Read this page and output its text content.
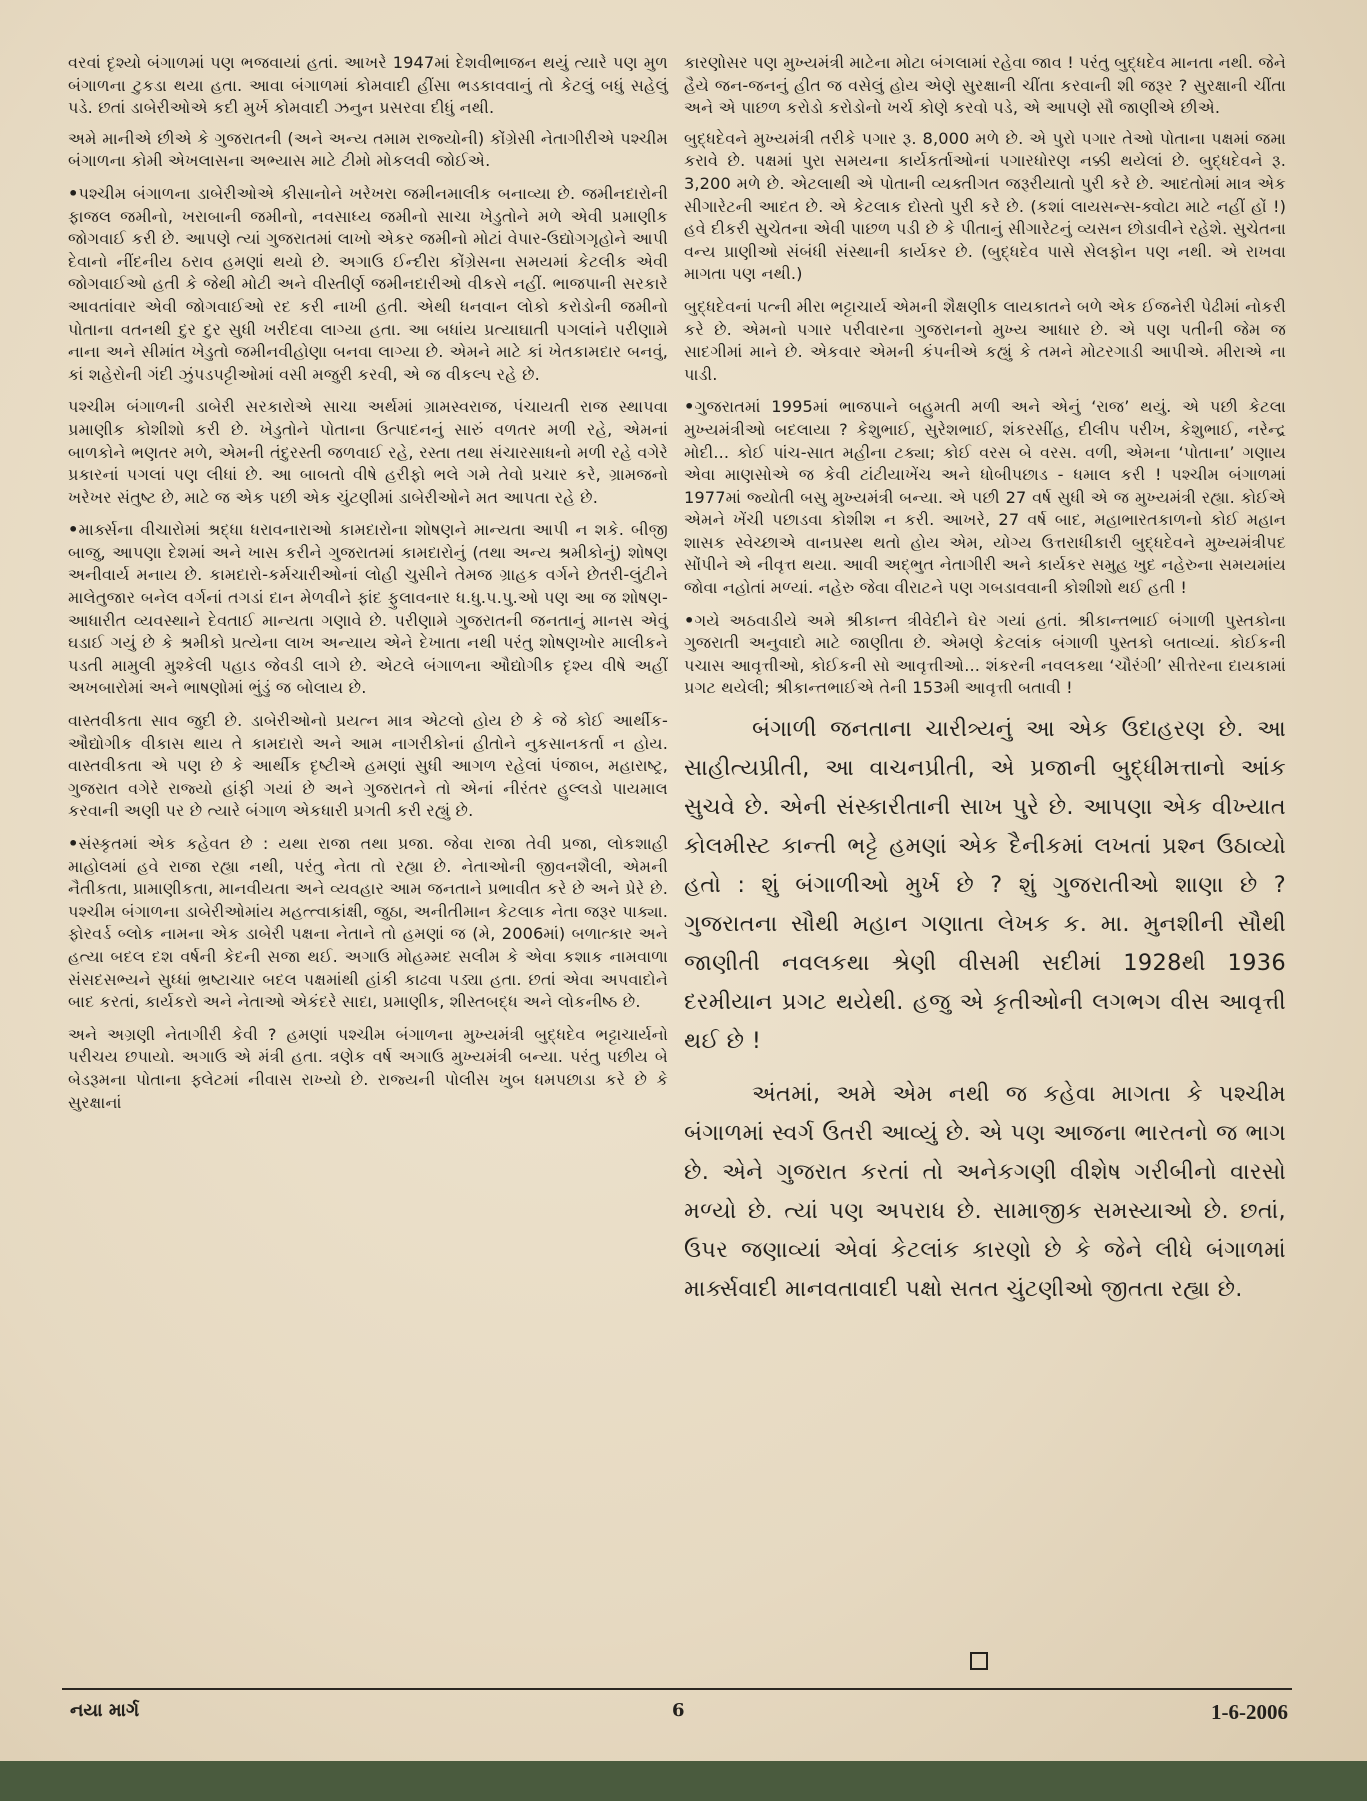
વરવાં દૃશ્યો બંગાળમાં પણ ભજવાયાં હતાં. આખરે 1947માં દેશવીભાજન થયું ત્યારે પણ મુળ બંગાળના ટુકડા થયા હતા. આવા બંગાળમાં કોમવાદી હીંસા ભડકાવવાનું તો કેટલું બધું સહેલું પડે. છતાં ડાબેરીઓએ કદી મુર્ખ કોમવાદી ઝનુન પ્રસરવા દીધું નથી.

અમે માનીએ છીએ કે ગુજરાતની (અને અન્ય તમામ રાજ્યોની) કોંગ્રેસી નેતાગીરીએ પશ્ચીમ બંગાળના કોમી એખલાસના અભ્યાસ માટે ટીમો મોકલવી જોઈએ.

• પશ્ચીમ બંગાળના ડાબેરીઓએ કીસાનોને ખરેખરા જમીનમાલીક બનાવ્યા છે. જમીનદારોની ફાજલ જમીનો, ખરાબાની જમીનો, નવસાધ્ય જમીનો સાચા ખેડુતોને મળે એવી પ્રમાણીક જોગવાઈ કરી છે. આપણે ત્યાં ગુજરાતમાં લાખો એકર જમીનો મોટાં વેપાર-ઉદ્યોગગૃહોને આપી દેવાનો નીંદનીય ઠરાવ હમણાં થયો છે. અગાઉ ઈન્દીરા કોંગ્રેસના સમયમાં કેટલીક એવી જોગવાઈઓ હતી કે જેથી મોટી અને વીસ્તીર્ણ જમીનદારીઓ વીકસે નહીં. ભાજપાની સરકારે આવતાંવાર એવી જોગવાઈઓ રદ કરી નાખી હતી. એથી ધનવાન લોકો કરોડોની જમીનો પોતાના વતનથી દુર દુર સુધી ખરીદવા લાગ્યા હતા. આ બધાંય પ્રત્યાઘાતી પગલાંને પરીણામે નાના અને સીમાંત ખેડુતો જમીનવીહોણા બનવા લાગ્યા છે. એમને માટે કાં ખેતકામદાર બનવું, કાં શહેરોની ગંદી ઝુંપડપટ્ટીઓમાં વસી મજુરી કરવી, એ જ વીકલ્પ રહે છે.

પશ્ચીમ બંગાળની ડાબેરી સરકારોએ સાચા અર્થમાં ગ્રામસ્વરાજ, પંચાયતી રાજ સ્થાપવા પ્રમાણીક કોશીશો કરી છે. ખેડુતોને પોતાના ઉત્પાદનનું સારું વળતર મળી રહે, એમનાં બાળકોને ભણતર મળે, એમની તંદુરસ્તી જળવાઈ રહે, રસ્તા તથા સંચારસાધનો મળી રહે વગેરે પ્રકારનાં પગલાં પણ લીધાં છે. આ બાબતો વીષે હરીફો ભલે ગમે તેવો પ્રચાર કરે, ગ્રામજનો ખરેખર સંતુષ્ટ છે, માટે જ એક પછી એક ચુંટણીમાં ડાબેરીઓને મત આપતા રહે છે.

• માર્ક્સના વીચારોમાં શ્રદ્ધા ધરાવનારાઓ કામદારોના શોષણને માન્યતા આપી ન શકે. બીજી બાજુ, આપણા દેશમાં અને ખાસ કરીને ગુજરાતમાં કામદારોનું (તથા અન્ય શ્રમીકોનું) શોષણ અનીવાર્ય મનાય છે. કામદારો-કર્મચારીઓનાં લોહી ચુસીને તેમજ ગ્રાહક વર્ગને છેતરી-લુંટીને માલેતુજાર બનેલ વર્ગનાં તગડાં દાન મેળવીને ફાંદ ફુલાવનાર ધ.ધુ.પ.પુ.ઓ પણ આ જ શોષણ-આધારીત વ્યવસ્થાને દેવતાઈ માન્યતા ગણાવે છે. પરીણામે ગુજરાતની જનતાનું માનસ એવું ઘડાઈ ગયું છે કે શ્રમીકો પ્રત્યેના લાખ અન્યાય એને દેખાતા નથી પરંતુ શોષણખોર માલીકને પડતી મામુલી મુશ્કેલી પહાડ જેવડી લાગે છે. એટલે બંગાળના ઔદ્યોગીક દૃશ્ય વીષે અહીં અખબારોમાં અને ભાષણોમાં ભુંડું જ બોલાય છે.

વાસ્તવીકતા સાવ જુદી છે. ડાબેરીઓનો પ્રયત્ન માત્ર એટલો હોય છે કે જે કોઈ આર્થીક-ઔદ્યોગીક વીકાસ થાય તે કામદારો અને આમ નાગરીકોનાં હીતોને નુકસાનકર્તા ન હોય. વાસ્તવીકતા એ પણ છે કે આર્થીક દૃષ્ટીએ હમણાં સુધી આગળ રહેલાં પંજાબ, મહારાષ્ટ્ર, ગુજરાત વગેરે રાજ્યો હાંફી ગયાં છે અને ગુજરાતને તો એનાં નીરંતર હુલ્લડો પાયમાલ કરવાની અણી પર છે ત્યારે બંગાળ એકધારી પ્રગતી કરી રહ્યું છે.

• સંસ્કૃતમાં એક કહેવત છે : યથા રાજા તથા પ્રજા. જેવા રાજા તેવી પ્રજા, લોકશાહી માહોલમાં હવે રાજા રહ્યા નથી, પરંતુ નેતા તો રહ્યા છે. નેતાઓની જીવનશૈલી, એમની નૈતીકતા, પ્રામાણીકતા, માનવીયતા અને વ્યવહાર આમ જનતાને પ્રભાવીત કરે છે અને પ્રેરે છે. પશ્ચીમ બંગાળના ડાબેરીઓમાંય મહત્ત્વાકાંક્ષી, જુઠા, અનીતીમાન કેટલાક નેતા જરૂર પાક્યા. ફોરવર્ડ બ્લોક નામના એક ડાબેરી પક્ષના નેતાને તો હમણાં જ (મે, 2006માં) બળાત્કાર અને હત્યા બદલ દશ વર્ષની કેદની સજા થઈ. અગાઉ મોહમ્મદ સલીમ કે એવા કશાક નામવાળા સંસદસભ્યને સુધ્ધાં ભ્રષ્ટાચાર બદલ પક્ષમાંથી હાંકી કાઢવા પડ્યા હતા. છતાં એવા અપવાદોને બાદ કરતાં, કાર્યકરો અને નેતાઓ એકંદરે સાદા, પ્રમાણીક, શીસ્તબદ્ધ અને લોકનીષ્ઠ છે.

અને અગ્રણી નેતાગીરી કેવી ? હમણાં પશ્ચીમ બંગાળના મુખ્યમંત્રી બુદ્ધદેવ ભટ્ટાચાર્યનો પરીચય છપાયો. અગાઉ એ મંત્રી હતા. ત્રણેક વર્ષ અગાઉ મુખ્યમંત્રી બન્યા. પરંતુ પછીય બે બેડરૂમના પોતાના ફ્લેટમાં નીવાસ રાખ્યો છે. રાજ્યની પોલીસ ખુબ ધમપછાડા કરે છે કે સુરક્ષાનાં

કારણોસર પણ મુખ્યમંત્રી માટેના મોટા બંગલામાં રહેવા જાવ ! પરંતુ બુદ્ધદેવ માનતા નથી. જેને હૈયે જન-જનનું હીત જ વસેલું હોય એણે સુરક્ષાની ચીંતા કરવાની શી જરૂર ? સુરક્ષાની ચીંતા અને એ પાછળ કરોડો કરોડોનો ખર્ચ કોણે કરવો પડે, એ આપણે સૌ જાણીએ છીએ.

બુદ્ધદેવને મુખ્યમંત્રી તરીકે પગાર રૂ. 8,000 મળે છે. એ પુરો પગાર તેઓ પોતાના પક્ષમાં જમા કરાવે છે. પક્ષમાં પુરા સમયના કાર્યકર્તાઓનાં પગારધોરણ નક્કી થયેલાં છે. બુદ્ધદેવને રૂ. 3,200 મળે છે. એટલાથી એ પોતાની વ્યક્તીગત જરૂરીયાતો પુરી કરે છે. આદતોમાં માત્ર એક સીગારેટની આદત છે. એ કેટલાક દોસ્તો પુરી કરે છે. (કશાં લાયસન્સ-ક્વોટા માટે નહીં હોં !) હવે દીકરી સુચેતના એવી પાછળ પડી છે કે પીતાનું સીગારેટનું વ્યસન છોડાવીને રહેશે. સુચેતના વન્ય પ્રાણીઓ સંબંધી સંસ્થાની કાર્યકર છે. (બુદ્ધદેવ પાસે સેલફોન પણ નથી. એ રાખવા માગતા પણ નથી.)

બુદ્ધદેવનાં પત્ની મીરા ભટ્ટાચાર્ય એમની શૈક્ષણીક લાયકાતને બળે એક ઈજનેરી પેઢીમાં નોકરી કરે છે. એમનો પગાર પરીવારના ગુજરાનનો મુખ્ય આધાર છે. એ પણ પતીની જેમ જ સાદગીમાં માને છે. એકવાર એમની કંપનીએ કહ્યું કે તમને મોટરગાડી આપીએ. મીરાએ ના પાડી.

• ગુજરાતમાં 1995માં ભાજપાને બહુમતી મળી અને એનું ‘રાજ’ થયું. એ પછી કેટલા મુખ્યમંત્રીઓ બદલાયા ? કેશુભાઈ, સુરેશભાઈ, શંકરસીંહ, દીલીપ પરીખ, કેશુભાઈ, નરેન્દ્ર મોદી... કોઈ પાંચ-સાત મહીના ટક્યા; કોઈ વરસ બે વરસ. વળી, એમના ‘પોતાના’ ગણાય એવા માણસોએ જ કેવી ટાંટીયાખેંચ અને ધોબીપછાડ - ધમાલ કરી ! પશ્ચીમ બંગાળમાં 1977માં જ્યોતી બસુ મુખ્યમંત્રી બન્યા. એ પછી 27 વર્ષ સુધી એ જ મુખ્યમંત્રી રહ્યા. કોઈએ એમને ખેંચી પછાડવા કોશીશ ન કરી. આખરે, 27 વર્ષ બાદ, મહાભારતકાળનો કોઈ મહાન શાસક સ્વેચ્છાએ વાનપ્રસ્થ થતો હોય એમ, યોગ્ય ઉત્તરાધીકારી બુદ્ધદેવને મુખ્યમંત્રીપદ સોંપીને એ નીવૃત્ત થયા. આવી અદ્ભુત નેતાગીરી અને કાર્યકર સમુહ ખુદ નહેરુના સમયમાંય જોવા નહોતાં મળ્યાં. નહેરુ જેવા વીરાટને પણ ગબડાવવાની કોશીશો થઈ હતી !

• ગયે અઠવાડીયે અમે શ્રીકાન્ત ત્રીવેદીને ઘેર ગયાં હતાં. શ્રીકાન્તભાઈ બંગાળી પુસ્તકોના ગુજરાતી અનુવાદો માટે જાણીતા છે. એમણે કેટલાંક બંગાળી પુસ્તકો બતાવ્યાં. કોઈકની પચાસ આવૃત્તીઓ, કોઈકની સો આવૃત્તીઓ... શંકરની નવલકથા ‘ચૌરંગી’ સીત્તેરના દાયકામાં પ્રગટ થયેલી; શ્રીકાન્તભાઈએ તેની 153મી આવૃત્તી બતાવી !

બંગાળી જનતાના ચારીત્ર્યનું આ એક ઉદાહરણ છે. આ સાહીત્યપ્રીતી, આ વાચનપ્રીતી, એ પ્રજાની બુદ્ધીમત્તાનો આંક સુચવે છે. એની સંસ્કારીતાની સાખ પુરે છે. આપણા એક વીખ્યાત કોલમીસ્ટ કાન્તી ભટ્ટે હમણાં એક દૈનીકમાં લખતાં પ્રશ્ન ઉઠાવ્યો હતો : શું બંગાળીઓ મુર્ખ છે ? શું ગુજરાતીઓ શાણા છે ? ગુજરાતના સૌથી મહાન ગણાતા લેખક ક. મા. મુનશીની સૌથી જાણીતી નવલકથા શ્રેણી વીસમી સદીમાં 1928થી 1936 દરમીયાન પ્રગટ થયેથી. હજુ એ કૃતીઓની લગભગ વીસ આવૃત્તી થઈ છે !

અંતમાં, અમે એમ નથી જ કહેવા માગતા કે પશ્ચીમ બંગાળમાં સ્વર્ગ ઉતરી આવ્યું છે. એ પણ આજના ભારતનો જ ભાગ છે. એને ગુજરાત કરતાં તો અનેકગણી વીશેષ ગરીબીનો વારસો મળ્યો છે. ત્યાં પણ અપરાધ છે. સામાજીક સમસ્યાઓ છે. છતાં, ઉપર જણાવ્યાં એવાં કેટલાંક કારણો છે કે જેને લીધે બંગાળમાં માર્ક્સવાદી માનવતાવાદી પક્ષો સતત ચુંટણીઓ જીતતા રહ્યા છે.

નયા માર્ગ	6	1-6-2006
